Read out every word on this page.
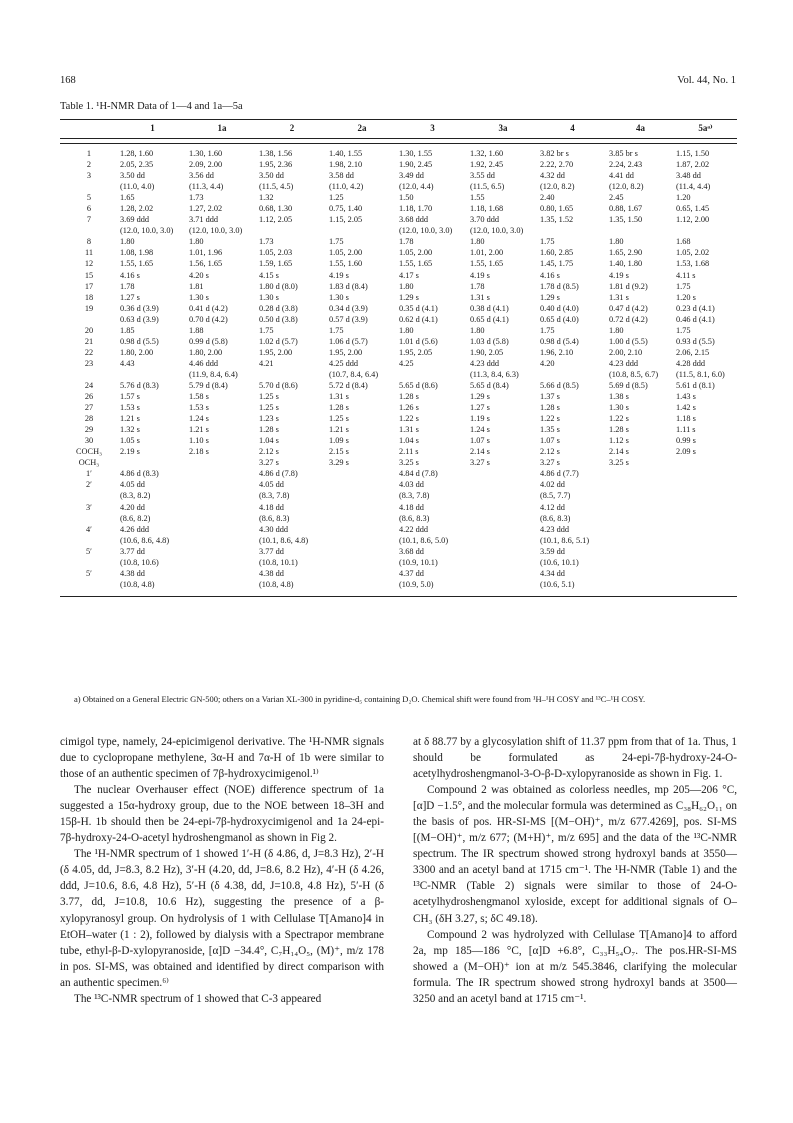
168	Vol. 44, No. 1
Table 1. ¹H-NMR Data of 1—4 and 1a—5a
	1	1a	2	2a	3	3a	4	4a	5aᵃ⁾

1	1.28, 1.60	1.30, 1.60	1.38, 1.56	1.40, 1.55	1.30, 1.55	1.32, 1.60	3.82 br s	3.85 br s	1.15, 1.50
2	2.05, 2.35	2.09, 2.00	1.95, 2.36	1.98, 2.10	1.90, 2.45	1.92, 2.45	2.22, 2.70	2.24, 2.43	1.87, 2.02
3	3.50 dd	3.56 dd	3.50 dd	3.58 dd	3.49 dd	3.55 dd	4.32 dd	4.41 dd	3.48 dd
	(11.0, 4.0)	(11.3, 4.4)	(11.5, 4.5)	(11.0, 4.2)	(12.0, 4.4)	(11.5, 6.5)	(12.0, 8.2)	(12.0, 8.2)	(11.4, 4.4)
5	1.65	1.73	1.32	1.25	1.50	1.55	2.40	2.45	1.20
6	1.28, 2.02	1.27, 2.02	0.68, 1.30	0.75, 1.40	1.18, 1.70	1.18, 1.68	0.80, 1.65	0.88, 1.67	0.65, 1.45
7	3.69 ddd	3.71 ddd	1.12, 2.05	1.15, 2.05	3.68 ddd	3.70 ddd	1.35, 1.52	1.35, 1.50	1.12, 2.00
	(12.0, 10.0, 3.0)	(12.0, 10.0, 3.0)			(12.0, 10.0, 3.0)	(12.0, 10.0, 3.0)			
8	1.80	1.80	1.73	1.75	1.78	1.80	1.75	1.80	1.68
11	1.08, 1.98	1.01, 1.96	1.05, 2.03	1.05, 2.00	1.05, 2.00	1.01, 2.00	1.60, 2.85	1.65, 2.90	1.05, 2.02
12	1.55, 1.65	1.56, 1.65	1.59, 1.65	1.55, 1.60	1.55, 1.65	1.55, 1.65	1.45, 1.75	1.40, 1.80	1.53, 1.68
15	4.16 s	4.20 s	4.15 s	4.19 s	4.17 s	4.19 s	4.16 s	4.19 s	4.11 s
17	1.78	1.81	1.80 d (8.0)	1.83 d (8.4)	1.80	1.78	1.78 d (8.5)	1.81 d (9.2)	1.75
18	1.27 s	1.30 s	1.30 s	1.30 s	1.29 s	1.31 s	1.29 s	1.31 s	1.20 s
19	0.36 d (3.9)	0.41 d (4.2)	0.28 d (3.8)	0.34 d (3.9)	0.35 d (4.1)	0.38 d (4.1)	0.40 d (4.0)	0.47 d (4.2)	0.23 d (4.1)
	0.63 d (3.9)	0.70 d (4.2)	0.50 d (3.8)	0.57 d (3.9)	0.62 d (4.1)	0.65 d (4.1)	0.65 d (4.0)	0.72 d (4.2)	0.46 d (4.1)
20	1.85	1.88	1.75	1.75	1.80	1.80	1.75	1.80	1.75
21	0.98 d (5.5)	0.99 d (5.8)	1.02 d (5.7)	1.06 d (5.7)	1.01 d (5.6)	1.03 d (5.8)	0.98 d (5.4)	1.00 d (5.5)	0.93 d (5.5)
22	1.80, 2.00	1.80, 2.00	1.95, 2.00	1.95, 2.00	1.95, 2.05	1.90, 2.05	1.96, 2.10	2.00, 2.10	2.06, 2.15
23	4.43	4.46 ddd	4.21	4.25 ddd	4.25	4.23 ddd	4.20	4.23 ddd	4.28 ddd
		(11.9, 8.4, 6.4)		(10.7, 8.4, 6.4)		(11.3, 8.4, 6.3)		(10.8, 8.5, 6.7)	(11.5, 8.1, 6.0)
24	5.76 d (8.3)	5.79 d (8.4)	5.70 d (8.6)	5.72 d (8.4)	5.65 d (8.6)	5.65 d (8.4)	5.66 d (8.5)	5.69 d (8.5)	5.61 d (8.1)
26	1.57 s	1.58 s	1.25 s	1.31 s	1.28 s	1.29 s	1.37 s	1.38 s	1.43 s
27	1.53 s	1.53 s	1.25 s	1.28 s	1.26 s	1.27 s	1.28 s	1.30 s	1.42 s
28	1.21 s	1.24 s	1.23 s	1.25 s	1.22 s	1.19 s	1.22 s	1.22 s	1.18 s
29	1.32 s	1.21 s	1.28 s	1.21 s	1.31 s	1.24 s	1.35 s	1.28 s	1.11 s
30	1.05 s	1.10 s	1.04 s	1.09 s	1.04 s	1.07 s	1.07 s	1.12 s	0.99 s
COCH₃	2.19 s	2.18 s	2.12 s	2.15 s	2.11 s	2.14 s	2.12 s	2.14 s	2.09 s
OCH₃			3.27 s	3.29 s	3.25 s	3.27 s	3.27 s	3.25 s	
1′	4.86 d (8.3)		4.86 d (7.8)		4.84 d (7.8)		4.86 d (7.7)		
2′	4.05 dd		4.05 dd		4.03 dd		4.02 dd		
	(8.3, 8.2)		(8.3, 7.8)		(8.3, 7.8)		(8.5, 7.7)		
3′	4.20 dd		4.18 dd		4.18 dd		4.12 dd		
	(8.6, 8.2)		(8.6, 8.3)		(8.6, 8.3)		(8.6, 8.3)		
4′	4.26 ddd		4.30 ddd		4.22 ddd		4.23 ddd		
	(10.6, 8.6, 4.8)		(10.1, 8.6, 4.8)		(10.1, 8.6, 5.0)		(10.1, 8.6, 5.1)		
5′	3.77 dd		3.77 dd		3.68 dd		3.59 dd		
	(10.8, 10.6)		(10.8, 10.1)		(10.9, 10.1)		(10.6, 10.1)		
5′	4.38 dd		4.38 dd		4.37 dd		4.34 dd		
	(10.8, 4.8)		(10.8, 4.8)		(10.9, 5.0)		(10.6, 5.1)		
a) Obtained on a General Electric GN-500; others on a Varian XL-300 in pyridine-d₅ containing D₂O. Chemical shift were found from ¹H–¹H COSY and ¹³C–¹H COSY.

cimigol type, namely, 24-epicimigenol derivative. The ¹H-NMR signals due to cyclopropane methylene, 3α-H and 7α-H of 1b were similar to those of an authentic specimen of 7β-hydroxycimigenol.¹⁾

The nuclear Overhauser effect (NOE) difference spectrum of 1a suggested a 15α-hydroxy group, due to the NOE between 18–3H and 15β-H. 1b should then be 24-epi-7β-hydroxycimigenol and 1a 24-epi-7β-hydroxy-24-O-acetyl hydroshengmanol as shown in Fig 2.

The ¹H-NMR spectrum of 1 showed 1′-H (δ 4.86, d, J=8.3 Hz), 2′-H (δ 4.05, dd, J=8.3, 8.2 Hz), 3′-H (4.20, dd, J=8.6, 8.2 Hz), 4′-H (δ 4.26, ddd, J=10.6, 8.6, 4.8 Hz), 5′-H (δ 4.38, dd, J=10.8, 4.8 Hz), 5′-H (δ 3.77, dd, J=10.8, 10.6 Hz), suggesting the presence of a β-xylopyranosyl group. On hydrolysis of 1 with Cellulase T[Amano]4 in EtOH–water (1 : 2), followed by dialysis with a Spectrapor membrane tube, ethyl-β-D-xylopyranoside, [α]D −34.4°, C₇H₁₄O₅, (M)⁺, m/z 178 in pos. SI-MS, was obtained and identified by direct comparison with an authentic specimen.⁶⁾

The ¹³C-NMR spectrum of 1 showed that C-3 appeared

at δ 88.77 by a glycosylation shift of 11.37 ppm from that of 1a. Thus, 1 should be formulated as 24-epi-7β-hydroxy-24-O-acetylhydroshengmanol-3-O-β-D-xylopyranoside as shown in Fig. 1.

Compound 2 was obtained as colorless needles, mp 205—206 °C, [α]D −1.5°, and the molecular formula was determined as C₃₈H₆₂O₁₁ on the basis of pos. HR-SI-MS [(M−OH)⁺, m/z 677.4269], pos. SI-MS [(M−OH)⁺, m/z 677; (M+H)⁺, m/z 695] and the data of the ¹³C-NMR spectrum. The IR spectrum showed strong hydroxyl bands at 3550—3300 and an acetyl band at 1715 cm⁻¹. The ¹H-NMR (Table 1) and the ¹³C-NMR (Table 2) signals were similar to those of 24-O-acetylhydroshengmanol xyloside, except for additional signals of O–CH₃ (δH 3.27, s; δC 49.18).

Compound 2 was hydrolyzed with Cellulase T[Amano]4 to afford 2a, mp 185—186 °C, [α]D +6.8°, C₃₃H₅₄O₇. The pos.HR-SI-MS showed a (M−OH)⁺ ion at m/z 545.3846, clarifying the molecular formula. The IR spectrum showed strong hydroxyl bands at 3500—3250 and an acetyl band at 1715 cm⁻¹.
